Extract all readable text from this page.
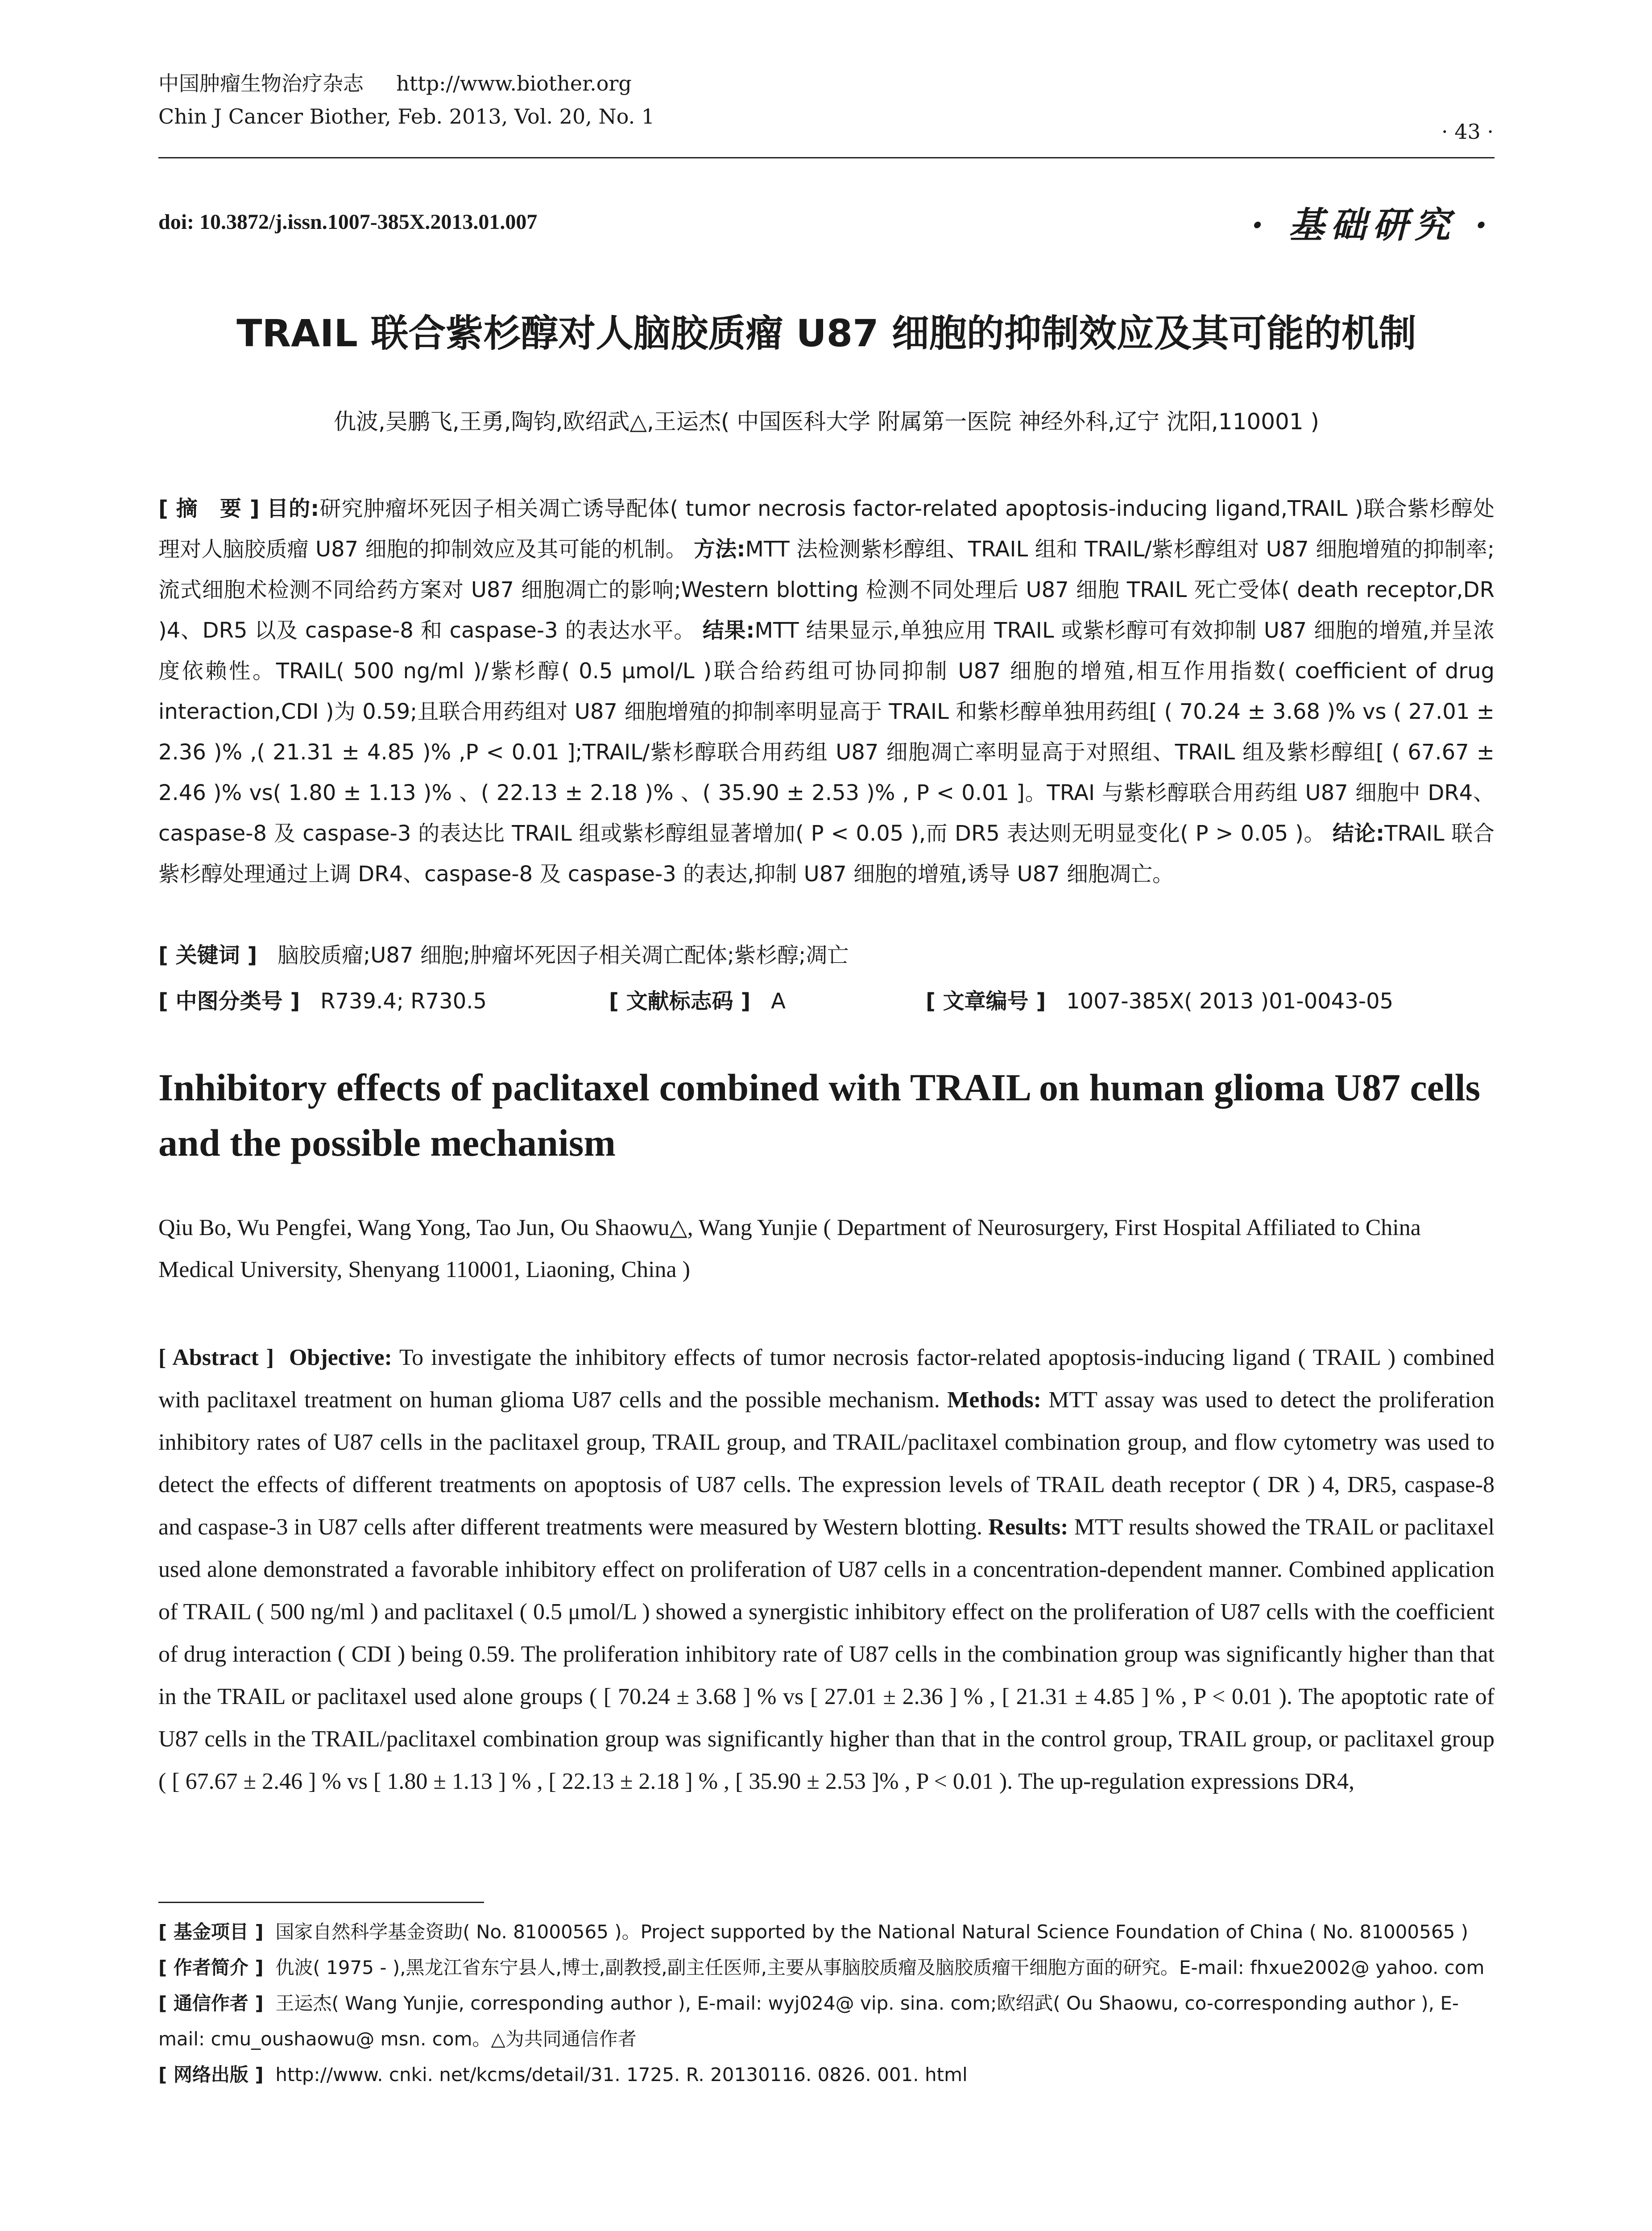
中国肿瘤生物治疗杂志 http://www.biother.org
Chin J Cancer Biother, Feb. 2013, Vol. 20, No. 1
· 43 ·
doi: 10.3872/j.issn.1007-385X.2013.01.007	· 基础研究 ·
TRAIL 联合紫杉醇对人脑胶质瘤 U87 细胞的抑制效应及其可能的机制
仇波,吴鹏飞,王勇,陶钧,欧绍武△,王运杰( 中国医科大学 附属第一医院 神经外科,辽宁 沈阳,110001 )
[ 摘　要 ] 目的:研究肿瘤坏死因子相关凋亡诱导配体( tumor necrosis factor-related apoptosis-inducing ligand,TRAIL )联合紫杉醇处理对人脑胶质瘤 U87 细胞的抑制效应及其可能的机制。 方法:MTT 法检测紫杉醇组、TRAIL 组和 TRAIL/紫杉醇组对 U87 细胞增殖的抑制率;流式细胞术检测不同给药方案对 U87 细胞凋亡的影响;Western blotting 检测不同处理后 U87 细胞 TRAIL 死亡受体( death receptor,DR )4、DR5 以及 caspase-8 和 caspase-3 的表达水平。 结果:MTT 结果显示,单独应用 TRAIL 或紫杉醇可有效抑制 U87 细胞的增殖,并呈浓度依赖性。TRAIL( 500 ng/ml )/紫杉醇( 0.5 μmol/L )联合给药组可协同抑制 U87 细胞的增殖,相互作用指数( coefficient of drug interaction,CDI )为 0.59;且联合用药组对 U87 细胞增殖的抑制率明显高于 TRAIL 和紫杉醇单独用药组[ ( 70.24 ± 3.68 )% vs ( 27.01 ± 2.36 )% ,( 21.31 ± 4.85 )% ,P < 0.01 ];TRAIL/紫杉醇联合用药组 U87 细胞凋亡率明显高于对照组、TRAIL 组及紫杉醇组[ ( 67.67 ± 2.46 )% vs( 1.80 ± 1.13 )% 、( 22.13 ± 2.18 )% 、( 35.90 ± 2.53 )% , P < 0.01 ]。TRAI 与紫杉醇联合用药组 U87 细胞中 DR4、caspase-8 及 caspase-3 的表达比 TRAIL 组或紫杉醇组显著增加( P < 0.05 ),而 DR5 表达则无明显变化( P > 0.05 )。 结论:TRAIL 联合紫杉醇处理通过上调 DR4、caspase-8 及 caspase-3 的表达,抑制 U87 细胞的增殖,诱导 U87 细胞凋亡。
[ 关键词 ] 脑胶质瘤;U87 细胞;肿瘤坏死因子相关凋亡配体;紫杉醇;凋亡
[ 中图分类号 ] R739.4; R730.5	[ 文献标志码 ] A	[ 文章编号 ] 1007-385X( 2013 )01-0043-05
Inhibitory effects of paclitaxel combined with TRAIL on human glioma U87 cells and the possible mechanism
Qiu Bo, Wu Pengfei, Wang Yong, Tao Jun, Ou Shaowu△, Wang Yunjie ( Department of Neurosurgery, First Hospital Affiliated to China Medical University, Shenyang 110001, Liaoning, China )
[ Abstract ] Objective: To investigate the inhibitory effects of tumor necrosis factor-related apoptosis-inducing ligand ( TRAIL ) combined with paclitaxel treatment on human glioma U87 cells and the possible mechanism. Methods: MTT assay was used to detect the proliferation inhibitory rates of U87 cells in the paclitaxel group, TRAIL group, and TRAIL/paclitaxel combination group, and flow cytometry was used to detect the effects of different treatments on apoptosis of U87 cells. The expression levels of TRAIL death receptor ( DR ) 4, DR5, caspase-8 and caspase-3 in U87 cells after different treatments were measured by Western blotting. Results: MTT results showed the TRAIL or paclitaxel used alone demonstrated a favorable inhibitory effect on proliferation of U87 cells in a concentration-dependent manner. Combined application of TRAIL ( 500 ng/ml ) and paclitaxel ( 0.5 μmol/L ) showed a synergistic inhibitory effect on the proliferation of U87 cells with the coefficient of drug interaction ( CDI ) being 0.59. The proliferation inhibitory rate of U87 cells in the combination group was significantly higher than that in the TRAIL or paclitaxel used alone groups ( [ 70.24 ± 3.68 ] % vs [ 27.01 ± 2.36 ] % , [ 21.31 ± 4.85 ] % , P < 0.01 ). The apoptotic rate of U87 cells in the TRAIL/paclitaxel combination group was significantly higher than that in the control group, TRAIL group, or paclitaxel group ( [ 67.67 ± 2.46 ] % vs [ 1.80 ± 1.13 ] % , [ 22.13 ± 2.18 ] % , [ 35.90 ± 2.53 ]% , P < 0.01 ). The up-regulation expressions DR4,

[ 基金项目 ] 国家自然科学基金资助( No. 81000565 )。Project supported by the National Natural Science Foundation of China ( No. 81000565 )

[ 作者简介 ] 仇波( 1975 - ),黑龙江省东宁县人,博士,副教授,副主任医师,主要从事脑胶质瘤及脑胶质瘤干细胞方面的研究。E-mail: fhxue2002@ yahoo. com

[ 通信作者 ] 王运杰( Wang Yunjie, corresponding author ), E-mail: wyj024@ vip. sina. com;欧绍武( Ou Shaowu, co-corresponding author ), E-mail: cmu_oushaowu@ msn. com。△为共同通信作者

[ 网络出版 ] http://www. cnki. net/kcms/detail/31. 1725. R. 20130116. 0826. 001. html
